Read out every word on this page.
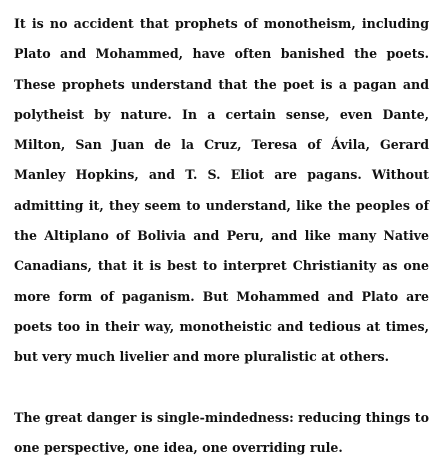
It is no accident that prophets of monotheism, including Plato and Mohammed, have often banished the poets. These prophets understand that the poet is a pagan and polytheist by nature. In a certain sense, even Dante, Milton, San Juan de la Cruz, Teresa of Ávila, Gerard Manley Hopkins, and T. S. Eliot are pagans. Without admitting it, they seem to understand, like the peoples of the Altiplano of Bolivia and Peru, and like many Native Canadians, that it is best to interpret Christianity as one more form of paganism. But Mohammed and Plato are poets too in their way, monotheistic and tedious at times, but very much livelier and more pluralistic at others.

The great danger is single-mindedness: reducing things to one perspective, one idea, one overriding rule.
